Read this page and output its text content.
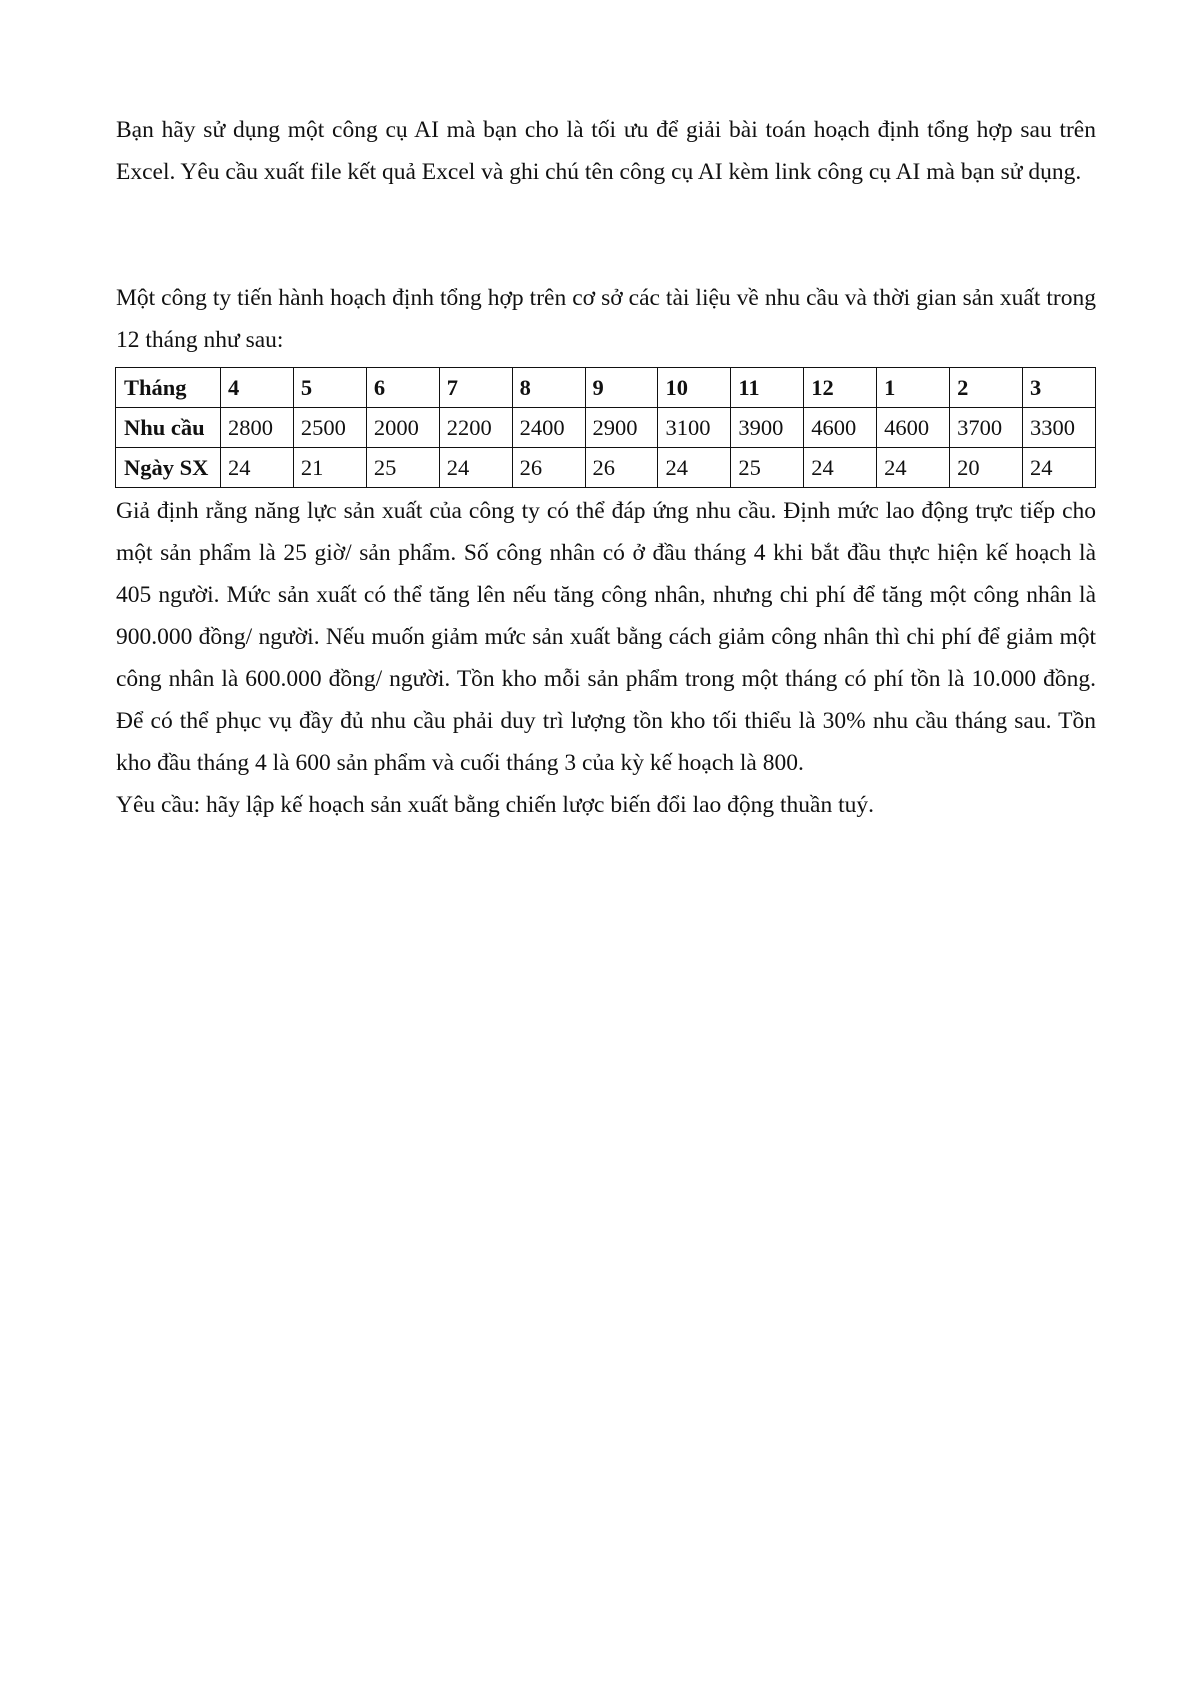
Bạn hãy sử dụng một công cụ AI mà bạn cho là tối ưu để giải bài toán hoạch định tổng hợp sau trên Excel. Yêu cầu xuất file kết quả Excel và ghi chú tên công cụ AI kèm link công cụ AI mà bạn sử dụng.

Một công ty tiến hành hoạch định tổng hợp trên cơ sở các tài liệu về nhu cầu và thời gian sản xuất trong 12 tháng như sau:

Tháng	4	5	6	7	8	9	10	11	12	1	2	3
Nhu cầu	2800	2500	2000	2200	2400	2900	3100	3900	4600	4600	3700	3300
Ngày SX	24	21	25	24	26	26	24	25	24	24	20	24

Giả định rằng năng lực sản xuất của công ty có thể đáp ứng nhu cầu. Định mức lao động trực tiếp cho một sản phẩm là 25 giờ/ sản phẩm. Số công nhân có ở đầu tháng 4 khi bắt đầu thực hiện kế hoạch là 405 người. Mức sản xuất có thể tăng lên nếu tăng công nhân, nhưng chi phí để tăng một công nhân là 900.000 đồng/ người. Nếu muốn giảm mức sản xuất bằng cách giảm công nhân thì chi phí để giảm một công nhân là 600.000 đồng/ người. Tồn kho mỗi sản phẩm trong một tháng có phí tồn là 10.000 đồng. Để có thể phục vụ đầy đủ nhu cầu phải duy trì lượng tồn kho tối thiểu là 30% nhu cầu tháng sau. Tồn kho đầu tháng 4 là 600 sản phẩm và cuối tháng 3 của kỳ kế hoạch là 800.

Yêu cầu: hãy lập kế hoạch sản xuất bằng chiến lược biến đổi lao động thuần tuý.
